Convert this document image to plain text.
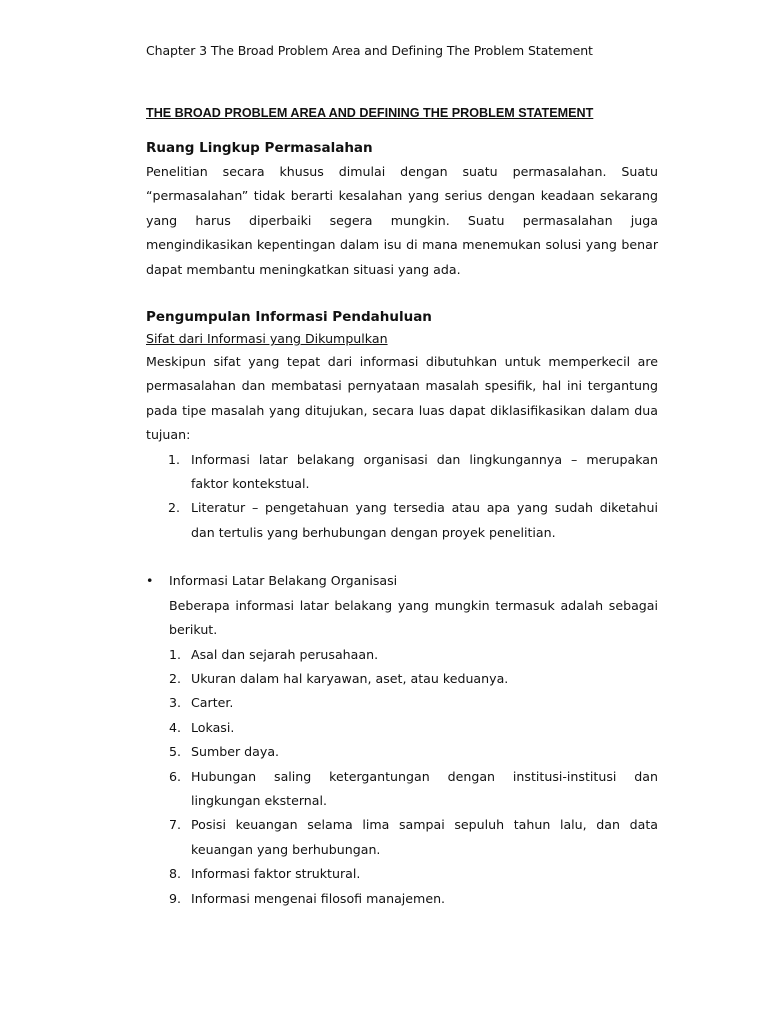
Chapter 3 The Broad Problem Area and Defining The Problem Statement
THE BROAD PROBLEM AREA AND DEFINING THE PROBLEM STATEMENT
Ruang Lingkup Permasalahan

Penelitian secara khusus dimulai dengan suatu permasalahan. Suatu “permasalahan” tidak berarti kesalahan yang serius dengan keadaan sekarang yang harus diperbaiki segera mungkin. Suatu permasalahan juga mengindikasikan kepentingan dalam isu di mana menemukan solusi yang benar dapat membantu meningkatkan situasi yang ada.

Pengumpulan Informasi Pendahuluan
Sifat dari Informasi yang Dikumpulkan

Meskipun sifat yang tepat dari informasi dibutuhkan untuk memperkecil are permasalahan dan membatasi pernyataan masalah spesifik, hal ini tergantung pada tipe masalah yang ditujukan, secara luas dapat diklasifikasikan dalam dua tujuan:

1. Informasi latar belakang organisasi dan lingkungannya – merupakan faktor kontekstual.
2. Literatur – pengetahuan yang tersedia atau apa yang sudah diketahui dan tertulis yang berhubungan dengan proyek penelitian.
• Informasi Latar Belakang Organisasi

Beberapa informasi latar belakang yang mungkin termasuk adalah sebagai berikut.

1. Asal dan sejarah perusahaan.
2. Ukuran dalam hal karyawan, aset, atau keduanya.
3. Carter.
4. Lokasi.
5. Sumber daya.
6. Hubungan saling ketergantungan dengan institusi-institusi dan lingkungan eksternal.
7. Posisi keuangan selama lima sampai sepuluh tahun lalu, dan data keuangan yang berhubungan.
8. Informasi faktor struktural.
9. Informasi mengenai filosofi manajemen.
